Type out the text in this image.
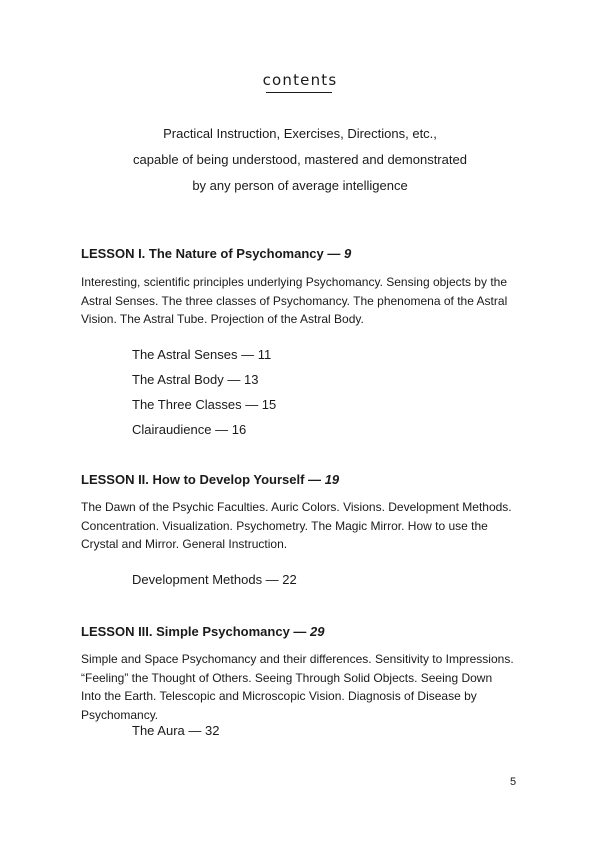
contents
Practical Instruction, Exercises, Directions, etc.,
capable of being understood, mastered and demonstrated
by any person of average intelligence
LESSON I. The Nature of Psychomancy — 9
Interesting, scientific principles underlying Psychomancy. Sensing objects by the
Astral Senses. The three classes of Psychomancy. The phenomena of the Astral
Vision. The Astral Tube. Projection of the Astral Body.
The Astral Senses — 11
The Astral Body — 13
The Three Classes — 15
Clairaudience — 16
LESSON II. How to Develop Yourself — 19
The Dawn of the Psychic Faculties. Auric Colors. Visions. Development Methods.
Concentration. Visualization. Psychometry. The Magic Mirror. How to use the
Crystal and Mirror. General Instruction.
Development Methods — 22
LESSON III. Simple Psychomancy — 29
Simple and Space Psychomancy and their differences. Sensitivity to Impressions.
“Feeling” the Thought of Others. Seeing Through Solid Objects. Seeing Down
Into the Earth. Telescopic and Microscopic Vision. Diagnosis of Disease by
Psychomancy.
The Aura — 32
5
